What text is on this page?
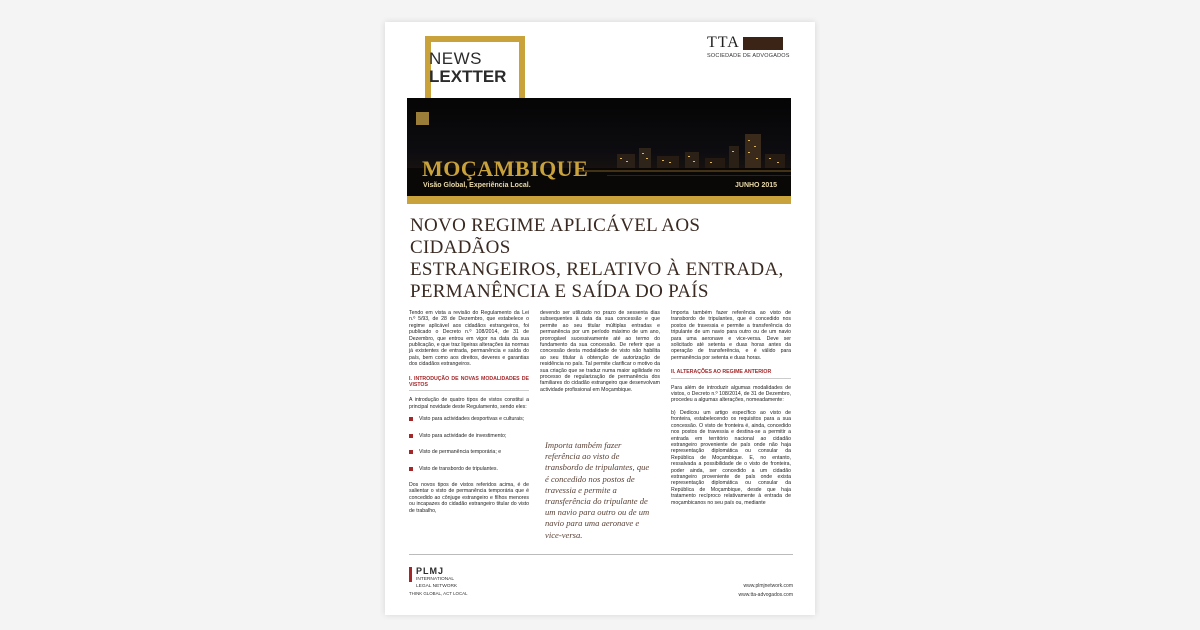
NEWS
LEXTTER
TTA
SOCIEDADE DE ADVOGADOS
MOÇAMBIQUE
Visão Global, Experiência Local.	JUNHO 2015
NOVO REGIME APLICÁVEL AOS CIDADÃOS
ESTRANGEIROS, RELATIVO À ENTRADA,
PERMANÊNCIA E SAÍDA DO PAÍS

Tendo em vista a revisão do Regulamento da Lei n.º 5/93, de 28 de Dezembro, que estabelece o regime aplicável aos cidadãos estrangeiros, foi publicado o Decreto n.º 108/2014, de 31 de Dezembro, que entrou em vigor na data da sua publicação, e que traz ligeiras alterações às normas já existentes de entrada, permanência e saída do país, bem como aos direitos, deveres e garantias dos cidadãos estrangeiros.

I. INTRODUÇÃO DE NOVAS MODALIDADES DE VISTOS

A introdução de quatro tipos de vistos constitui a principal novidade deste Regulamento, sendo eles:

Visto para actividades desportivas e culturais;
Visto para actividade de investimento;
Visto de permanência temporária; e
Visto de transbordo de tripulantes.

Dos novos tipos de vistos referidos acima, é de salientar o visto de permanência temporária que é concedido ao cônjuge estrangeiro e filhos menores ou incapazes do cidadão estrangeiro titular do visto de trabalho,

devendo ser utilizado no prazo de sessenta dias subsequentes à data da sua concessão e que permite ao seu titular múltiplas entradas e permanência por um período máximo de um ano, prorrogável sucessivamente até ao termo do fundamento da sua concessão. De referir que a concessão desta modalidade de visto não habilita ao seu titular à obtenção de autorização de residência no país. Tal permite clarificar o motivo da sua criação que se traduz numa maior agilidade no processo de regularização de permanência dos familiares do cidadão estrangeiro que desenvolvam actividade profissional em Moçambique.

Importa também fazer referência ao visto de transbordo de tripulantes, que é concedido nos postos de travessia e permite a transferência do tripulante de um navio para outro ou de um navio para uma aeronave e vice-versa.

Importa também fazer referência ao visto de transbordo de tripulantes, que é concedido nos postos de travessia e permite a transferência do tripulante de um navio para outro ou de um navio para uma aeronave e vice-versa. Deve ser solicitado até setenta e duas horas antes da operação de transferência, e é válido para permanência por setenta e duas horas.

II. ALTERAÇÕES AO REGIME ANTERIOR

Para além de introduzir algumas modalidades de vistos, o Decreto n.º 108/2014, de 31 de Dezembro, procedeu a algumas alterações, nomeadamente:

b) Dedicou um artigo específico ao visto de fronteira, estabelecendo os requisitos para a sua concessão. O visto de fronteira é, ainda, concedido nos postos de travessia e destina-se a permitir a entrada em território nacional ao cidadão estrangeiro proveniente de país onde não haja representação diplomática ou consular da República de Moçambique. E, no entanto, ressalvada a possibilidade de o visto de fronteira, poder ainda, ser concedido a um cidadão estrangeiro proveniente de país onde exista representação diplomática ou consular da República de Moçambique, desde que haja tratamento recíproco relativamente à entrada de moçambicanos no seu país ou, mediante

PLMJ
INTERNATIONAL
LEGAL NETWORK
THINK GLOBAL, ACT LOCAL
www.plmjnetwork.com
www.tta-advogados.com
